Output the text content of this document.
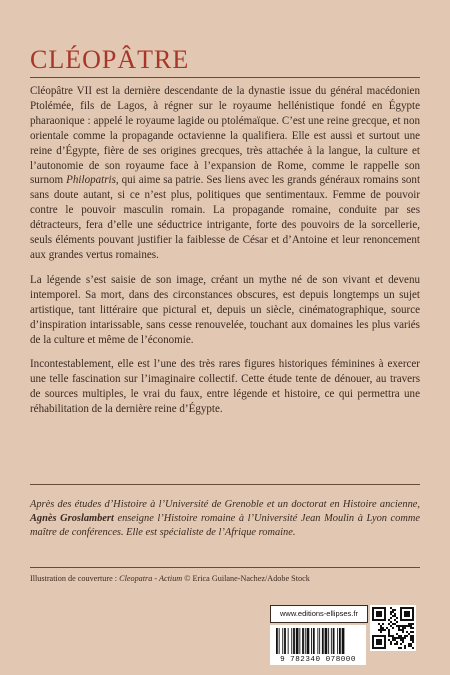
CLÉOPÂTRE

Cléopâtre VII est la dernière descendante de la dynastie issue du général macédonien Ptolémée, fils de Lagos, à régner sur le royaume hellénistique fondé en Égypte pharaonique : appelé le royaume lagide ou ptolémaïque. C’est une reine grecque, et non orientale comme la propagande octavienne la qualifiera. Elle est aussi et surtout une reine d’Égypte, fière de ses origines grecques, très attachée à la langue, la culture et l’autonomie de son royaume face à l’expansion de Rome, comme le rappelle son surnom Philopatris, qui aime sa patrie. Ses liens avec les grands généraux romains sont sans doute autant, si ce n’est plus, politiques que sentimentaux. Femme de pouvoir contre le pouvoir masculin romain. La propagande romaine, conduite par ses détracteurs, fera d’elle une séductrice intrigante, forte des pouvoirs de la sorcellerie, seuls éléments pouvant justifier la faiblesse de César et d’Antoine et leur renoncement aux grandes vertus romaines.

La légende s’est saisie de son image, créant un mythe né de son vivant et devenu intemporel. Sa mort, dans des circonstances obscures, est depuis longtemps un sujet artistique, tant littéraire que pictural et, depuis un siècle, cinématographique, source d’inspiration intarissable, sans cesse renouvelée, touchant aux domaines les plus variés de la culture et même de l’économie.

Incontestablement, elle est l’une des très rares figures historiques féminines à exercer une telle fascination sur l’imaginaire collectif. Cette étude tente de dénouer, au travers de sources multiples, le vrai du faux, entre légende et histoire, ce qui permettra une réhabilitation de la dernière reine d’Égypte.

Après des études d’Histoire à l’Université de Grenoble et un doctorat en Histoire ancienne, Agnès Groslambert enseigne l’Histoire romaine à l’Université Jean Moulin à Lyon comme maître de conférences. Elle est spécialiste de l’Afrique romaine.
Illustration de couverture : Cleopatra - Actium © Erica Guilane-Nachez/Adobe Stock
www.editions-ellipses.fr
9 782340 078000
